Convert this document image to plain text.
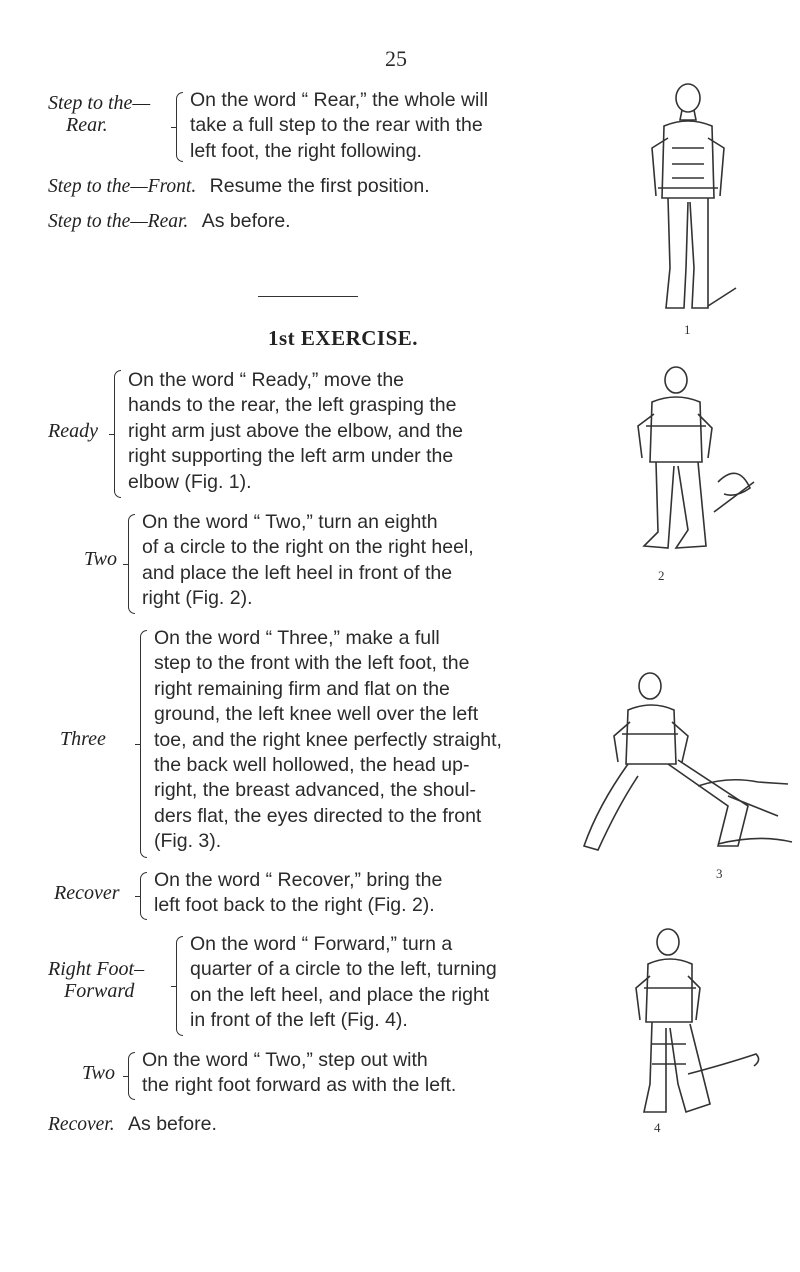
25
Step to the—
Rear.
On the word “ Rear,” the whole will
take a full step to the rear with the
left foot, the right following.
Step to the—Front. Resume the first position.
Step to the—Rear. As before.
1st EXERCISE.
Ready
On the word “ Ready,” move the
hands to the rear, the left grasping the
right arm just above the elbow, and the
right supporting the left arm under the
elbow (Fig. 1).
Two
On the word “ Two,” turn an eighth
of a circle to the right on the right heel,
and place the left heel in front of the
right (Fig. 2).
Three
On the word “ Three,” make a full
step to the front with the left foot, the
right remaining firm and flat on the
ground, the left knee well over the left
toe, and the right knee perfectly straight,
the back well hollowed, the head up-
right, the breast advanced, the shoul-
ders flat, the eyes directed to the front
(Fig. 3).
Recover
On the word “ Recover,” bring the
left foot back to the right (Fig. 2).
Right Foot–
Forward
On the word “ Forward,” turn a
quarter of a circle to the left, turning
on the left heel, and place the right
in front of the left (Fig. 4).
Two
On the word “ Two,” step out with
the right foot forward as with the left.
Recover. As before.
1
2
3
4
